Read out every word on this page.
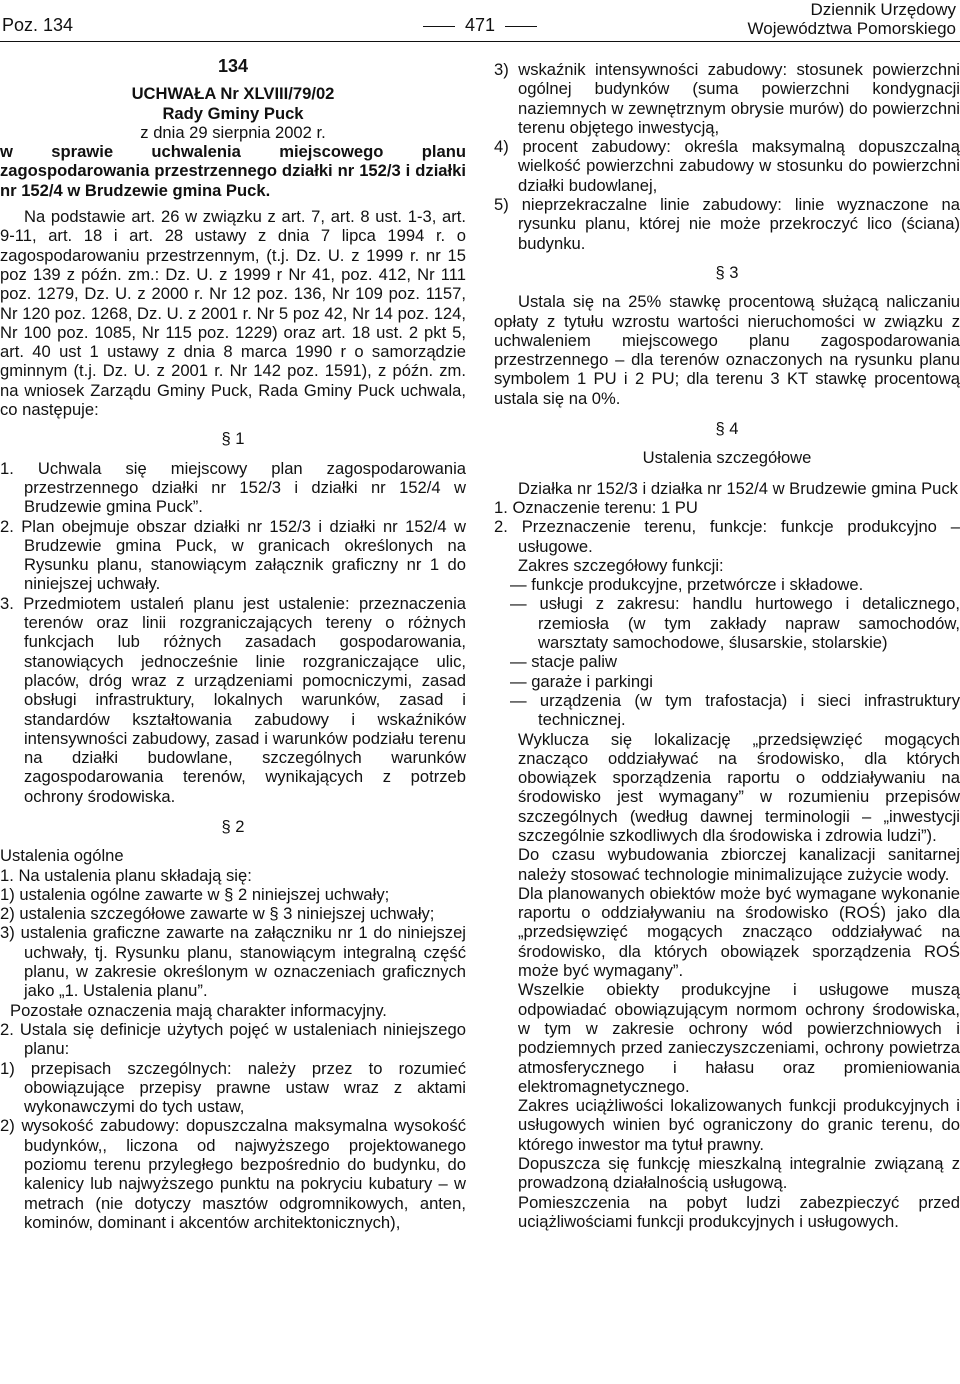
Poz. 134	471
Dziennik Urzędowy
Województwa Pomorskiego

134

UCHWAŁA Nr XLVIII/79/02

Rady Gminy Puck

z dnia 29 sierpnia 2002 r.

w sprawie uchwalenia miejscowego planu zagospodarowania przestrzennego działki nr 152/3 i działki nr 152/4 w Brudzewie gmina Puck.

Na podstawie art. 26 w związku z art. 7, art. 8 ust. 1-3, art. 9-11, art. 18 i art. 28 ustawy z dnia 7 lipca 1994 r. o zagospodarowaniu przestrzennym, (t.j. Dz. U. z 1999 r. nr 15 poz 139 z późn. zm.: Dz. U. z 1999 r Nr 41, poz. 412, Nr 111 poz. 1279, Dz. U. z 2000 r. Nr 12 poz. 136, Nr 109 poz. 1157, Nr 120 poz. 1268, Dz. U. z 2001 r. Nr 5 poz 42, Nr 14 poz. 124, Nr 100 poz. 1085, Nr 115 poz. 1229) oraz art. 18 ust. 2 pkt 5, art. 40 ust 1 ustawy z dnia 8 marca 1990 r o samorządzie gminnym (t.j. Dz. U. z 2001 r. Nr 142 poz. 1591), z późn. zm. na wniosek Zarządu Gminy Puck, Rada Gminy Puck uchwala, co następuje:

§ 1

1. Uchwala się miejscowy plan zagospodarowania przestrzennego działki nr 152/3 i działki nr 152/4 w Brudzewie gmina Puck”.

2. Plan obejmuje obszar działki nr 152/3 i działki nr 152/4 w Brudzewie gmina Puck, w granicach określonych na Rysunku planu, stanowiącym załącznik graficzny nr 1 do niniejszej uchwały.

3. Przedmiotem ustaleń planu jest ustalenie: przeznaczenia terenów oraz linii rozgraniczających tereny o różnych funkcjach lub różnych zasadach gospodarowania, stanowiących jednocześnie linie rozgraniczające ulic, placów, dróg wraz z urządzeniami pomocniczymi, zasad obsługi infrastruktury, lokalnych warunków, zasad i standardów kształtowania zabudowy i wskaźników intensywności zabudowy, zasad i warunków podziału terenu na działki budowlane, szczególnych warunków zagospodarowania terenów, wynikających z potrzeb ochrony środowiska.

§ 2

Ustalenia ogólne

1. Na ustalenia planu składają się:

1) ustalenia ogólne zawarte w § 2 niniejszej uchwały;

2) ustalenia szczegółowe zawarte w § 3 niniejszej uchwały;

3) ustalenia graficzne zawarte na załączniku nr 1 do niniejszej uchwały, tj. Rysunku planu, stanowiącym integralną część planu, w zakresie określonym w oznaczeniach graficznych jako „1. Ustalenia planu”.

Pozostałe oznaczenia mają charakter informacyjny.

2. Ustala się definicje użytych pojęć w ustaleniach niniejszego planu:

1) przepisach szczególnych: należy przez to rozumieć obowiązujące przepisy prawne ustaw wraz z aktami wykonawczymi do tych ustaw,

2) wysokość zabudowy: dopuszczalna maksymalna wysokość budynków,, liczona od najwyższego projektowanego poziomu terenu przyległego bezpośrednio do budynku, do kalenicy lub najwyższego punktu na pokryciu kubatury – w metrach (nie dotyczy masztów odgromnikowych, anten, kominów, dominant i akcentów architektonicznych),

3) wskaźnik intensywności zabudowy: stosunek powierzchni ogólnej budynków (suma powierzchni kondygnacji naziemnych w zewnętrznym obrysie murów) do powierzchni terenu objętego inwestycją,

4) procent zabudowy: określa maksymalną dopuszczalną wielkość powierzchni zabudowy w stosunku do powierzchni działki budowlanej,

5) nieprzekraczalne linie zabudowy: linie wyznaczone na rysunku planu, której nie może przekroczyć lico (ściana) budynku.

§ 3

Ustala się na 25% stawkę procentową służącą naliczaniu opłaty z tytułu wzrostu wartości nieruchomości w związku z uchwaleniem miejscowego planu zagospodarowania przestrzennego – dla terenów oznaczonych na rysunku planu symbolem 1 PU i 2 PU; dla terenu 3 KT stawkę procentową ustala się na 0%.

§ 4

Ustalenia szczegółowe

Działka nr 152/3 i działka nr 152/4 w Brudzewie gmina Puck

1. Oznaczenie terenu: 1 PU

2. Przeznaczenie terenu, funkcje: funkcje produkcyjno – usługowe.

Zakres szczegółowy funkcji:

— funkcje produkcyjne, przetwórcze i składowe.

— usługi z zakresu: handlu hurtowego i detalicznego, rzemiosła (w tym zakłady napraw samochodów, warsztaty samochodowe, ślusarskie, stolarskie)

— stacje paliw

— garaże i parkingi

— urządzenia (w tym trafostacja) i sieci infrastruktury technicznej.

Wyklucza się lokalizację „przedsięwzięć mogących znacząco oddziaływać na środowisko, dla których obowiązek sporządzenia raportu o oddziaływaniu na środowisko jest wymagany” w rozumieniu przepisów szczególnych (według dawnej terminologii – „inwestycji szczególnie szkodliwych dla środowiska i zdrowia ludzi”).

Do czasu wybudowania zbiorczej kanalizacji sanitarnej należy stosować technologie minimalizujące zużycie wody.

Dla planowanych obiektów może być wymagane wykonanie raportu o oddziaływaniu na środowisko (ROŚ) jako dla „przedsięwzięć mogących znacząco oddziaływać na środowisko, dla których obowiązek sporządzenia ROŚ może być wymagany”.

Wszelkie obiekty produkcyjne i usługowe muszą odpowiadać obowiązującym normom ochrony środowiska, w tym w zakresie ochrony wód powierzchniowych i podziemnych przed zanieczyszczeniami, ochrony powietrza atmosferycznego i hałasu oraz promieniowania elektromagnetycznego.

Zakres uciążliwości lokalizowanych funkcji produkcyjnych i usługowych winien być ograniczony do granic terenu, do którego inwestor ma tytuł prawny.

Dopuszcza się funkcję mieszkalną integralnie związaną z prowadzoną działalnością usługową.

Pomieszczenia na pobyt ludzi zabezpieczyć przed uciążliwościami funkcji produkcyjnych i usługowych.
